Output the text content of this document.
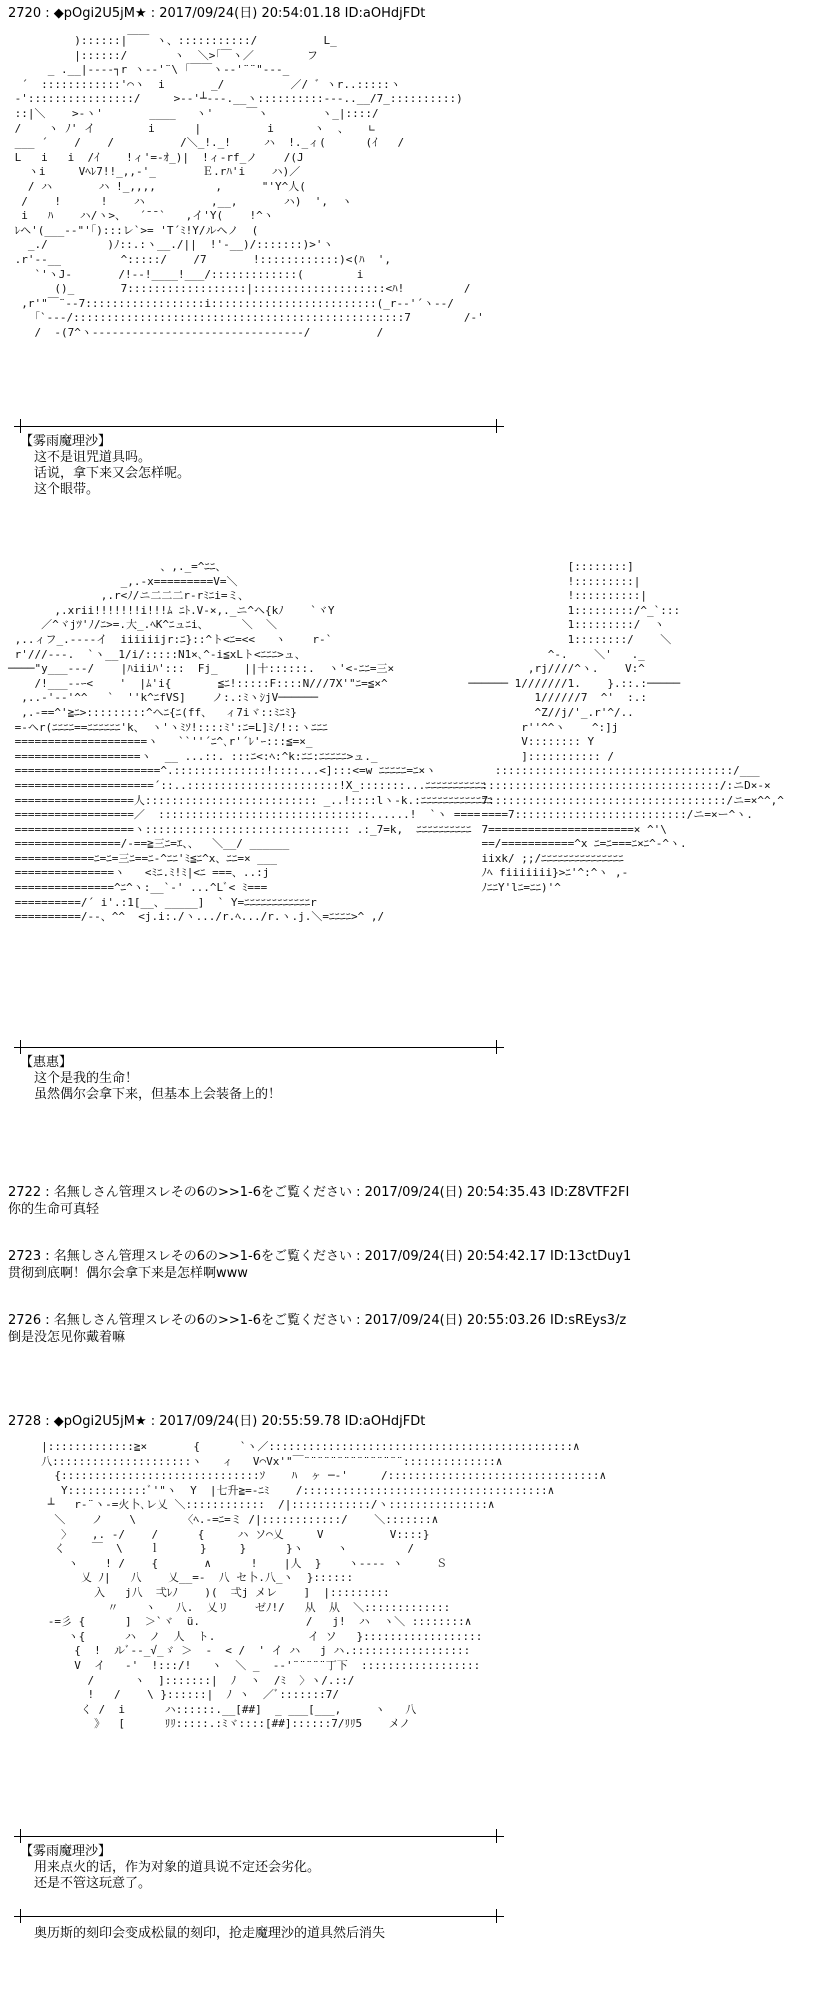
2720 : ◆pOgi2U5jM★ : 2017/09/24(日) 20:54:01.18 ID:aOHdjFDt
)::::::|￣￣ ヽ、:::::::::::/          L_
|::::::/       ヽ  ＼>｢￣ヽ／        フ
_ .__|-‐‐‐┐r ヽ-‐'¨\ ｢￣￣ヽ-‐'¨¨"‐--_
´  ::::::::::::'⌒ヽ  i       _/          ／/ ゛ヽr..:::::ヽ
-'::::::::::::::::/     >‐‐'┴‐‐-.__ヽ::::::::::---..__/7_::::::::::)
::|＼    >‐ヽ'       ____   ヽ'     ￣ヽ        ヽ_|::::/
/    ヽ ﾉ' イ        i      |          i      ヽ  、   ∟
___ ´    /    /          /＼_!._!     ハ  !._ィ(      (ｲ   /
L   i   i  /ｲ    !ィ'=-ｵ_)|  !ィ-rf_ノ    /(J
ヽi     Vﾍﾚ7!!_,,-'_       Ｅ.rﾊ'i    ハ)／
/ ハ       ハ !_,,,,         ,      "'Y^人(
/    !      !    ハ          ,__,       ハ)  ',  ヽ
i   ﾊ    ハ/ヽ>、  ´¯¯`   ,イ'Y(    !^ヽ
ﾚヘ'(___‐‐"'｢):::レ`>= 'T´ﾐ!Y/ルヘノ  (
_./         )ﾉ::.:ヽ__./||  !'‐__)/:::::::)>'ヽ
.r'--__         ^:::::/    /7       !::::::::::::)<(ﾊ  ',
`'ヽJ-       /!‐‐!____!___/:::::::::::::(        i
()_       7::::::::::::::::::|::::::::::::::::::::<ﾊ!         /
,r'"￣¨--7::::::::::::::::::i:::::::::::::::::::::::::(_r-‐'´ヽ-‐/
｢`--‐/::::::::::::::::::::::::::::::::::::::::::::::::::7        /‐'
/  ‐(7^ヽ-‐‐‐‐‐‐‐‐‐‐‐‐‐‐‐‐‐‐‐‐‐‐‐‐‐‐‐‐‐‐‐/          /
【雾雨魔理沙】
这不是诅咒道具吗。
话说，拿下来又会怎样呢。
这个眼带。
、,._=^ﾆﾆ、
_,.-x=========V=＼
,.r<ﾉ/ニ二二二r-rﾐﾆi=ミ、
,.xrii!!!!!!!i!!!ﾑ ﾆﾄ.V-×,._ニ^ヘ{kﾉ    `ヾY
／^ヾjﾂ'ﾉ/ﾆ>=.大_.ﾍK^ﾆュﾆi、     ＼  ＼
,..ィフ_.-‐‐‐イ  iiiiiijr:ﾆ}::^ト<ﾆ=<<   ヽ    r‐`
r'///‐‐‐.  `ヽ__1/i/:::::N1×､^‐i≦xLト<ﾆﾆﾆ>ュ、
────"y___‐‐‐/    |ﾊiiiﾊ':::  Fj_    ||十::::::.  ヽ'<‐ﾆﾆ=三×
/!___‐‐ｰ<    '  |ﾑ'i{       ≦ﾆ!:::::F::::N///7X'"ﾆ=≦×^
,..‐'‐‐'^^   `  ''k^ﾆfVS]    ノ:.:ﾐヽｼjV──────
,.-==^'≧ﾆ>:::::::::^ヘﾆ{ﾆ(ff、  ィ7iヾ::ﾐﾆﾐ}
=‐ヘr(ﾆﾆﾆﾆ==ﾆﾆﾆﾆﾆﾆ'k、 ヽ'ヽﾐｿ!::::ﾐ':ﾆ=L]ﾐ/!::ヽﾆﾆﾆ
====================ヽ   ``''´ﾆ^､r'´ﾚ'ｰ:::≦=×_
===================ヽ  __ ...::. :::ﾆ<:ﾍ:^k:ﾆﾆ:ﾆﾆﾆﾆﾆ>ュ._
======================^.::::::::::::::!::::...<]:::<=w ﾆﾆﾆﾆﾆ=ﾆ×ヽ
=====================´::..:::::::::::::::::::::::!X_:::::::...ﾆﾆﾆﾆﾆﾆﾆﾆﾆﾆﾆ
==================人:::::::::::::::::::::::::: _..!::::lヽ-k.:ﾆﾆﾆﾆﾆﾆﾆﾆﾆﾆﾆﾆﾆ
==================／  ::::::::::::::::::::::::::::::::......!  `ヽ ====
==================ヽ::::::::::::::::::::::::::::::: .:_7=k,  ﾆﾆﾆﾆﾆﾆﾆﾆﾆﾆ
================/‐==≧三ﾆ=ｴ、、  ＼__/ ______
============ﾆ=ﾆ=三ﾆ==ﾆ-^ﾆﾆ'ﾐ≦ﾆ^x、ﾆﾆ=× ___
===============ヽ   <ﾐﾆ.ﾐ!ﾐ|<ﾆ ===、..:j
===============^ﾆ^ヽ:__`-' ...^Lﾞ< ﾐ===
==========/´ i'.:1[__、_____]  ` Y=ﾆﾆﾆﾆﾆﾆﾆﾆﾆﾆﾆﾆr
==========/--、^^  <j.i:./ヽ.../r.ﾍ.../r.ヽ.j.＼=ﾆﾆﾆﾆ>^ ,/
[::::::::]
!:::::::::|
!::::::::::|
1:::::::::/^_`:::
1:::::::::/  ヽ
1::::::::/    ＼
^‐.    ＼'   ._
,rj////^ヽ.    V:^
────── 1///////1.    }.::.:─────
1//////7  ^'  :.:
^Z//j/'_.r'^/..
r''^^ヽ    ^:]j
V:::::::: Y
]::::::::::: /
::::::::::::::::::::::::::::::::::::/___
::::::::::::::::::::::::::::::::::::/:ニD×-×
7::::::::::::::::::::::::::::::::::::/ニ=×^^,^
====7::::::::::::::::::::::::::/ニ=×ー^ヽ.
7======================× ^'\
==/===========^x ﾆ=ﾆ===ﾆ×ﾆ^‐^ヽ.
iixk/ ;;/ﾆﾆﾆﾆﾆﾆﾆﾆﾆﾆﾆﾆﾆﾆﾆ
ﾉﾍ fiiiiiii}>ﾆ'^:^ヽ ,-
ﾉﾆﾆY'lﾆ=ﾆﾆ)'^
【惠惠】
这个是我的生命！
虽然偶尔会拿下来，但基本上会装备上的！
2722 : 名無しさん管理スレその6の>>1-6をご覧ください : 2017/09/24(日) 20:54:35.43 ID:Z8VTF2FI
你的生命可真轻
2723 : 名無しさん管理スレその6の>>1-6をご覧ください : 2017/09/24(日) 20:54:42.17 ID:13ctDuy1
贯彻到底啊！偶尔会拿下来是怎样啊www
2726 : 名無しさん管理スレその6の>>1-6をご覧ください : 2017/09/24(日) 20:55:03.26 ID:sREys3/z
倒是没怎见你戴着嘛
2728 : ◆pOgi2U5jM★ : 2017/09/24(日) 20:55:59.78 ID:aOHdjFDt
|:::::::::::::≧×       {      `ヽ／::::::::::::::::::::::::::::::::::::::::::::::∧
八:::::::::::::::::::::ヽ   ィ   V⌒Vx'"￣¨¨¨¨¨¨¨¨¨¨¨¨¨¨¨::::::::::::::∧
{::::::::::::::::::::::::::::::ｿ    ﾊ  ヶ ─‐'     /::::::::::::::::::::::::::::::::∧
Y::::::::::::ﾞ'"ヽ  Y  |七升≧=‐ﾆﾐ    /:::::::::::::::::::::::::::::::::::::∧
┴   r‐¨ヽ‐=火卜､レ乂 ＼::::::::::::  /|::::::::::::/ヽ:::::::::::::::∧
＼    ノ    \       〈ﾍ.-=ﾆ=ミ /|::::::::::::/    ＼:::::::∧
〉   ,. -/    /      {     ハ ソ⌒乂     V          V::::}
く    ￣  \    ｌ      }     }      }ヽ     ヽ         /
ヽ    ! /    {       ∧      !    |人  }    ヽ‐‐‐‐ ヽ     Ｓ
乂 ﾉ|   八    乂__=‐  八 セ卜.八_ヽ  }::::::
入   j八  弌ﾚﾉ    )(  弌j メレ    ]  |:::::::::
〃    ヽ   八.  乂リ    ゼﾉ!/   从  从  ＼:::::::::::::
‐=彡 {      ]  ＞`ヾ  ü.                /   j!  ハ  ヽ＼ ::::::::∧
ヽ{      ハ  ノ  人  ト.              イ ソ   }::::::::::::::::::
{  !  ルﾞ‐‐_√_ゞ ＞  ‐  < /  ' イ ハ   j ハ.::::::::::::::::::
V  イ   ‐'  !:::/!   ヽ  ＼ _  ‐‐'¨¨¨¨¨丁下  ::::::::::::::::::
/      ヽ  ]:::::::|  ﾉ  ヽ  /ﾐ  〉ヽ/.::/
!   /    \ }::::::|  ﾉ ヽ  ／ﾞ:::::::7/
く /  i      ハ::::::.__[##]  _ ___[___,     ヽ   八
》  [      ﾘﾘ:::::.:ﾐヾ::::[##]::::::7/ﾘﾘ5    メノ
【雾雨魔理沙】
用来点火的话，作为对象的道具说不定还会劣化。
还是不管这玩意了。
奥历斯的刻印会变成松鼠的刻印，抢走魔理沙的道具然后消失
